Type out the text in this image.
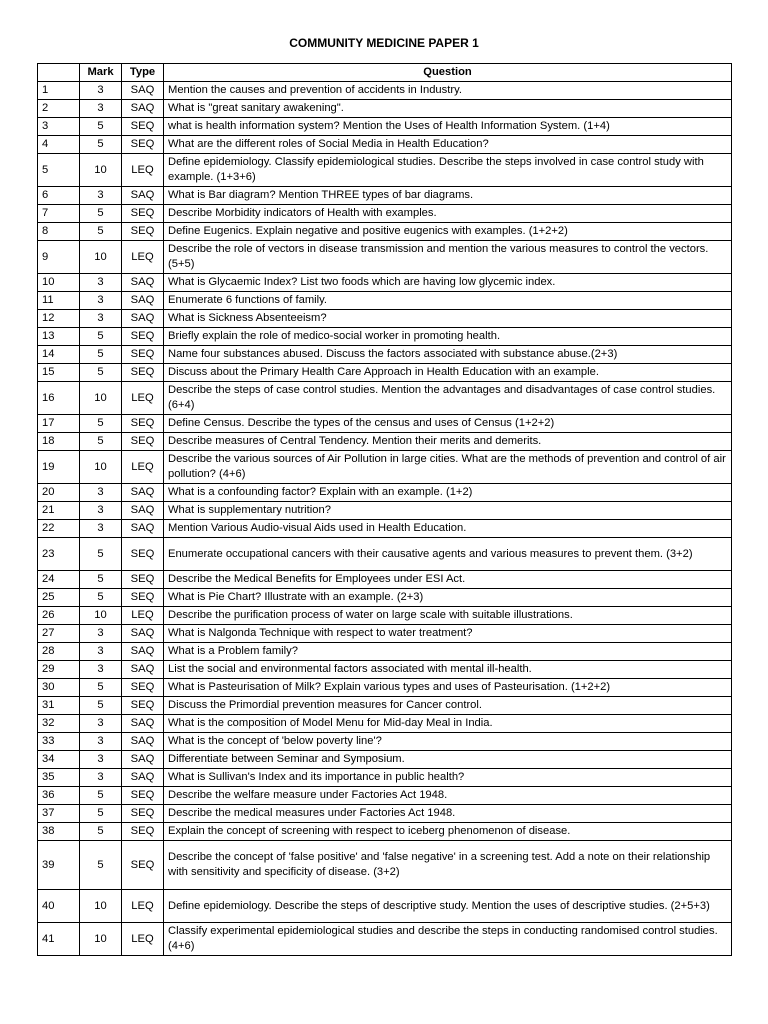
COMMUNITY MEDICINE PAPER 1
	Mark	Type	Question
1	3	SAQ	Mention the causes and prevention of accidents in Industry.
2	3	SAQ	What is "great sanitary awakening".
3	5	SEQ	what is health information system? Mention the Uses of Health Information System. (1+4)
4	5	SEQ	What are the different roles of Social Media in Health Education?
5	10	LEQ	Define epidemiology. Classify epidemiological studies. Describe the steps involved in case control study with example. (1+3+6)
6	3	SAQ	What is Bar diagram? Mention THREE types of bar diagrams.
7	5	SEQ	Describe Morbidity indicators of Health with examples.
8	5	SEQ	Define Eugenics. Explain negative and positive eugenics with examples. (1+2+2)
9	10	LEQ	Describe the role of vectors in disease transmission and mention the various measures to control the vectors. (5+5)
10	3	SAQ	What is Glycaemic Index? List two foods which are having low glycemic index.
11	3	SAQ	Enumerate 6 functions of family.
12	3	SAQ	What is Sickness Absenteeism?
13	5	SEQ	Briefly explain the role of medico-social worker in promoting health.
14	5	SEQ	Name four substances abused. Discuss the factors associated with substance abuse.(2+3)
15	5	SEQ	Discuss about the Primary Health Care Approach in Health Education with an example.
16	10	LEQ	Describe the steps of case control studies. Mention the advantages and disadvantages of case control studies. (6+4)
17	5	SEQ	Define Census. Describe the types of the census and uses of Census (1+2+2)
18	5	SEQ	Describe measures of Central Tendency. Mention their merits and demerits.
19	10	LEQ	Describe the various sources of Air Pollution in large cities. What are the methods of prevention and control of air pollution? (4+6)
20	3	SAQ	What is a confounding factor? Explain with an example. (1+2)
21	3	SAQ	What is supplementary nutrition?
22	3	SAQ	Mention Various Audio-visual Aids used in Health Education.
23	5	SEQ	Enumerate occupational cancers with their causative agents and various measures to prevent them. (3+2)
24	5	SEQ	Describe the Medical Benefits for Employees under ESI Act.
25	5	SEQ	What is Pie Chart? Illustrate with an example. (2+3)
26	10	LEQ	Describe the purification process of water on large scale with suitable illustrations.
27	3	SAQ	What is Nalgonda Technique with respect to water treatment?
28	3	SAQ	What is a Problem family?
29	3	SAQ	List the social and environmental factors associated with mental ill-health.
30	5	SEQ	What is Pasteurisation of Milk? Explain various types and uses of Pasteurisation. (1+2+2)
31	5	SEQ	Discuss the Primordial prevention measures for Cancer control.
32	3	SAQ	What is the composition of Model Menu for Mid-day Meal in India.
33	3	SAQ	What is the concept of 'below poverty line'?
34	3	SAQ	Differentiate between Seminar and Symposium.
35	3	SAQ	What is Sullivan's Index and its importance in public health?
36	5	SEQ	Describe the welfare measure under Factories Act 1948.
37	5	SEQ	Describe the medical measures under Factories Act 1948.
38	5	SEQ	Explain the concept of screening with respect to iceberg phenomenon of disease.
39	5	SEQ	Describe the concept of 'false positive' and 'false negative' in a screening test. Add a note on their relationship with sensitivity and specificity of disease. (3+2)
40	10	LEQ	Define epidemiology. Describe the steps of descriptive study. Mention the uses of descriptive studies. (2+5+3)
41	10	LEQ	Classify experimental epidemiological studies and describe the steps in conducting randomised control studies. (4+6)
